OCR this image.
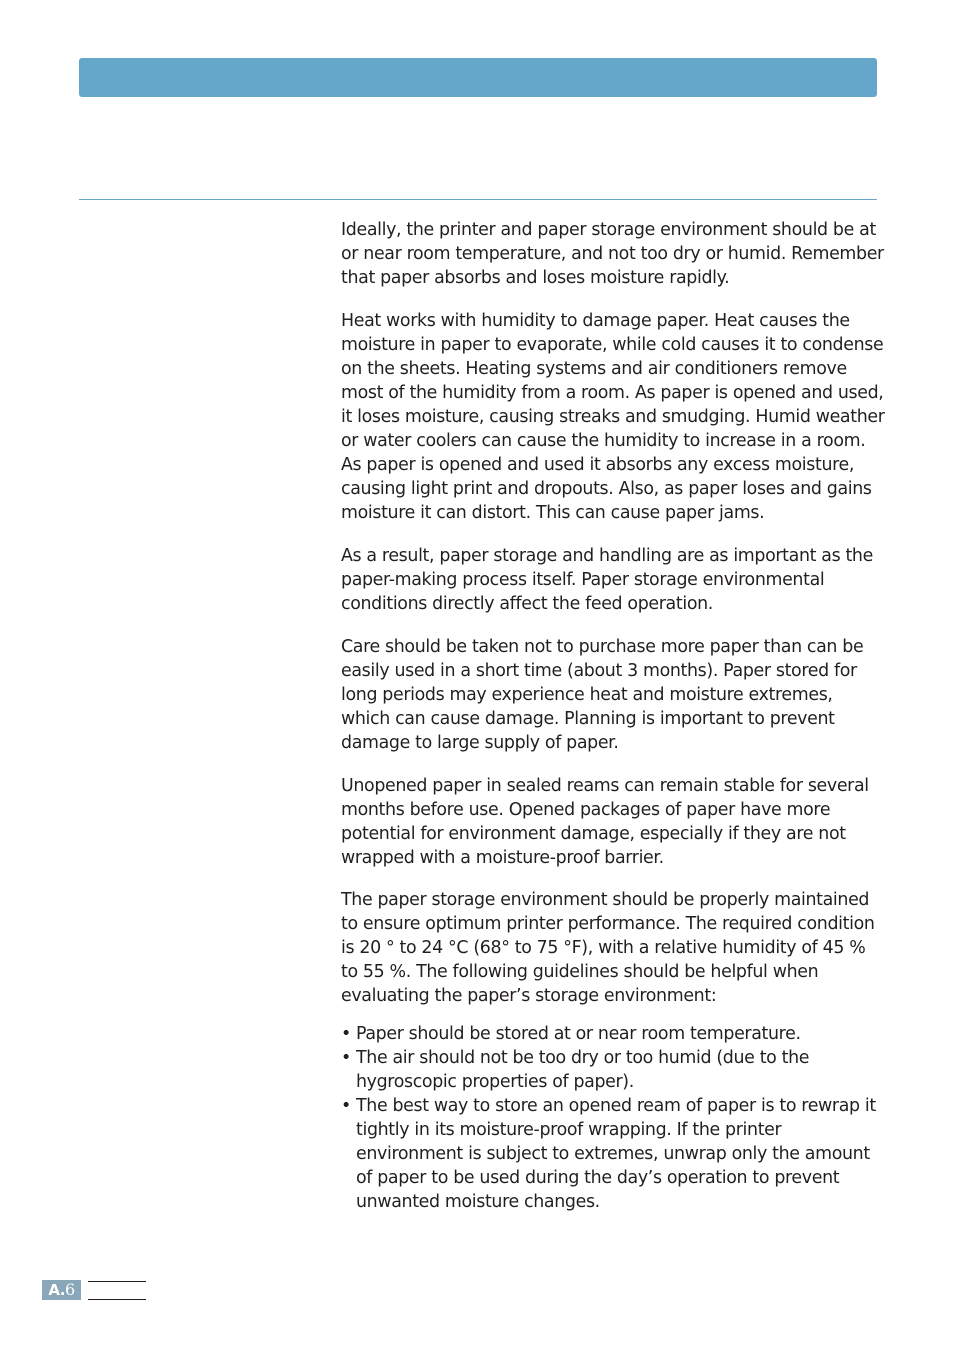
Ideally, the printer and paper storage environment should be at or near room temperature, and not too dry or humid. Remember that paper absorbs and loses moisture rapidly.

Heat works with humidity to damage paper. Heat causes the moisture in paper to evaporate, while cold causes it to condense on the sheets. Heating systems and air conditioners remove most of the humidity from a room. As paper is opened and used, it loses moisture, causing streaks and smudging. Humid weather or water coolers can cause the humidity to increase in a room. As paper is opened and used it absorbs any excess moisture, causing light print and dropouts. Also, as paper loses and gains moisture it can distort. This can cause paper jams.

As a result, paper storage and handling are as important as the paper-making process itself. Paper storage environmental conditions directly affect the feed operation.

Care should be taken not to purchase more paper than can be easily used in a short time (about 3 months). Paper stored for long periods may experience heat and moisture extremes, which can cause damage. Planning is important to prevent damage to large supply of paper.

Unopened paper in sealed reams can remain stable for several months before use. Opened packages of paper have more potential for environment damage, especially if they are not wrapped with a moisture-proof barrier.

The paper storage environment should be properly maintained to ensure optimum printer performance. The required condition is 20 ° to 24 °C (68° to 75 °F), with a relative humidity of 45 % to 55 %. The following guidelines should be helpful when evaluating the paper’s storage environment:

• Paper should be stored at or near room temperature.
• The air should not be too dry or too humid (due to the hygroscopic properties of paper).
• The best way to store an opened ream of paper is to rewrap it tightly in its moisture-proof wrapping. If the printer environment is subject to extremes, unwrap only the amount of paper to be used during the day’s operation to prevent unwanted moisture changes.
A.6
